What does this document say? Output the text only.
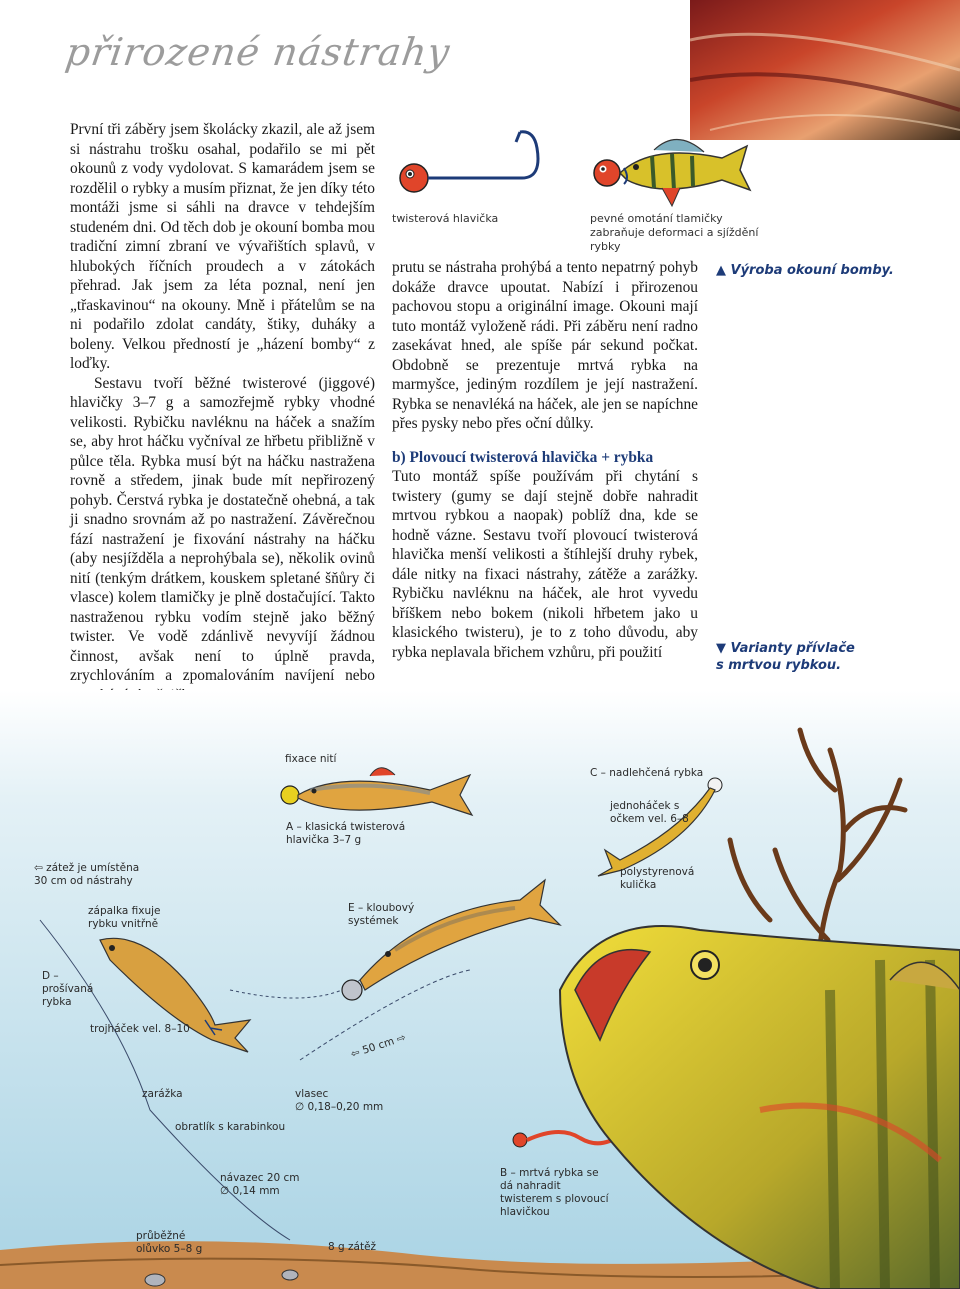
přirozené nástrahy

První tři záběry jsem školácky zkazil, ale až jsem si nástrahu trošku osahal, podařilo se mi pět okounů z vody vydolovat. S kamarádem jsem se rozdělil o rybky a musím přiznat, že jen díky této montáži jsme si sáhli na dravce v tehdejším studeném dni. Od těch dob je okouní bomba mou tradiční zimní zbraní ve vývařištích splavů, v hlubokých říčních proudech a v zátokách přehrad. Jak jsem za léta poznal, není jen „třaskavinou“ na okouny. Mně i přátelům se na ni podařilo zdolat candáty, štiky, duháky a boleny. Velkou předností je „házení bomby“ z loďky.

Sestavu tvoří běžné twisterové (jiggové) hlavičky 3–7 g a samozřejmě rybky vhodné velikosti. Rybičku navléknu na háček a snažím se, aby hrot háčku vyčníval ze hřbetu přibližně v půlce těla. Rybka musí být na háčku nastražena rovně a středem, jinak bude mít nepřirozený pohyb. Čerstvá rybka je dostatečně ohebná, a tak ji snadno srovnám až po nastražení. Závěrečnou fází nastražení je fixování nástrahy na háčku (aby nesjížděla a neprohýbala se), několik ovinů nití (tenkým drátkem, kouskem spletané šňůry či vlasce) kolem tlamičky je plně dostačující. Takto nastraženou rybku vodím stejně jako běžný twister. Ve vodě zdánlivě nevyvíjí žádnou činnost, avšak není to úplně pravda, zrychlováním a zpomalováním navíjení nebo

twisterová hlavička	pevné omotání tlamičky zabraňuje deformaci a sjíždění rybky

prutu se nástraha prohýbá a tento nepatrný pohyb dokáže dravce upoutat. Nabízí i přirozenou pachovou stopu a originální image. Okouni mají tuto montáž vyloženě rádi. Při záběru není radno zasekávat hned, ale spíše pár sekund počkat. Obdobně se prezentuje mrtvá rybka na marmyšce, jediným rozdílem je její nastražení. Rybka se nenavléká na háček, ale jen se napíchne přes pysky nebo přes oční důlky.

b) Plovoucí twisterová hlavička + rybka

Tuto montáž spíše používám při chytání s twistery (gumy se dají stejně dobře nahradit mrtvou rybkou a naopak) poblíž dna, kde se hodně vázne. Sestavu tvoří plovoucí twisterová hlavička menší velikosti a štíhlejší druhy rybek, dále nitky na fixaci nástrahy, zátěže a zarážky. Rybičku navléknu na háček, ale hrot vyvedu bříškem nebo bokem (nikoli hřbetem jako u klasického twisteru), je to z toho důvodu, aby rybka neplavala břichem vzhůru, při použití

▲ Výroba okouní bomby.
▼ Varianty přívlače
s mrtvou rybkou.
fixace nití
C – nadlehčená rybka
A – klasická twisterová hlavička 3–7 g
jednoháček s očkem vel. 6–8
⇦ zátež je umístěna 30 cm od nástrahy
polystyrenová kulička
zápalka fixuje rybku vnitřně
E – kloubový systémek
D – prošívaná rybka
trojháček vel. 8–10
⇦ 50 cm ⇨
zarážka	vlasec
∅ 0,18–0,20 mm
obratlík s karabinkou
návazec 20 cm
∅ 0,14 mm
B – mrtvá rybka se dá nahradit twisterem s plovoucí hlavičkou
průběžné olůvko 5–8 g	8 g zátěž
